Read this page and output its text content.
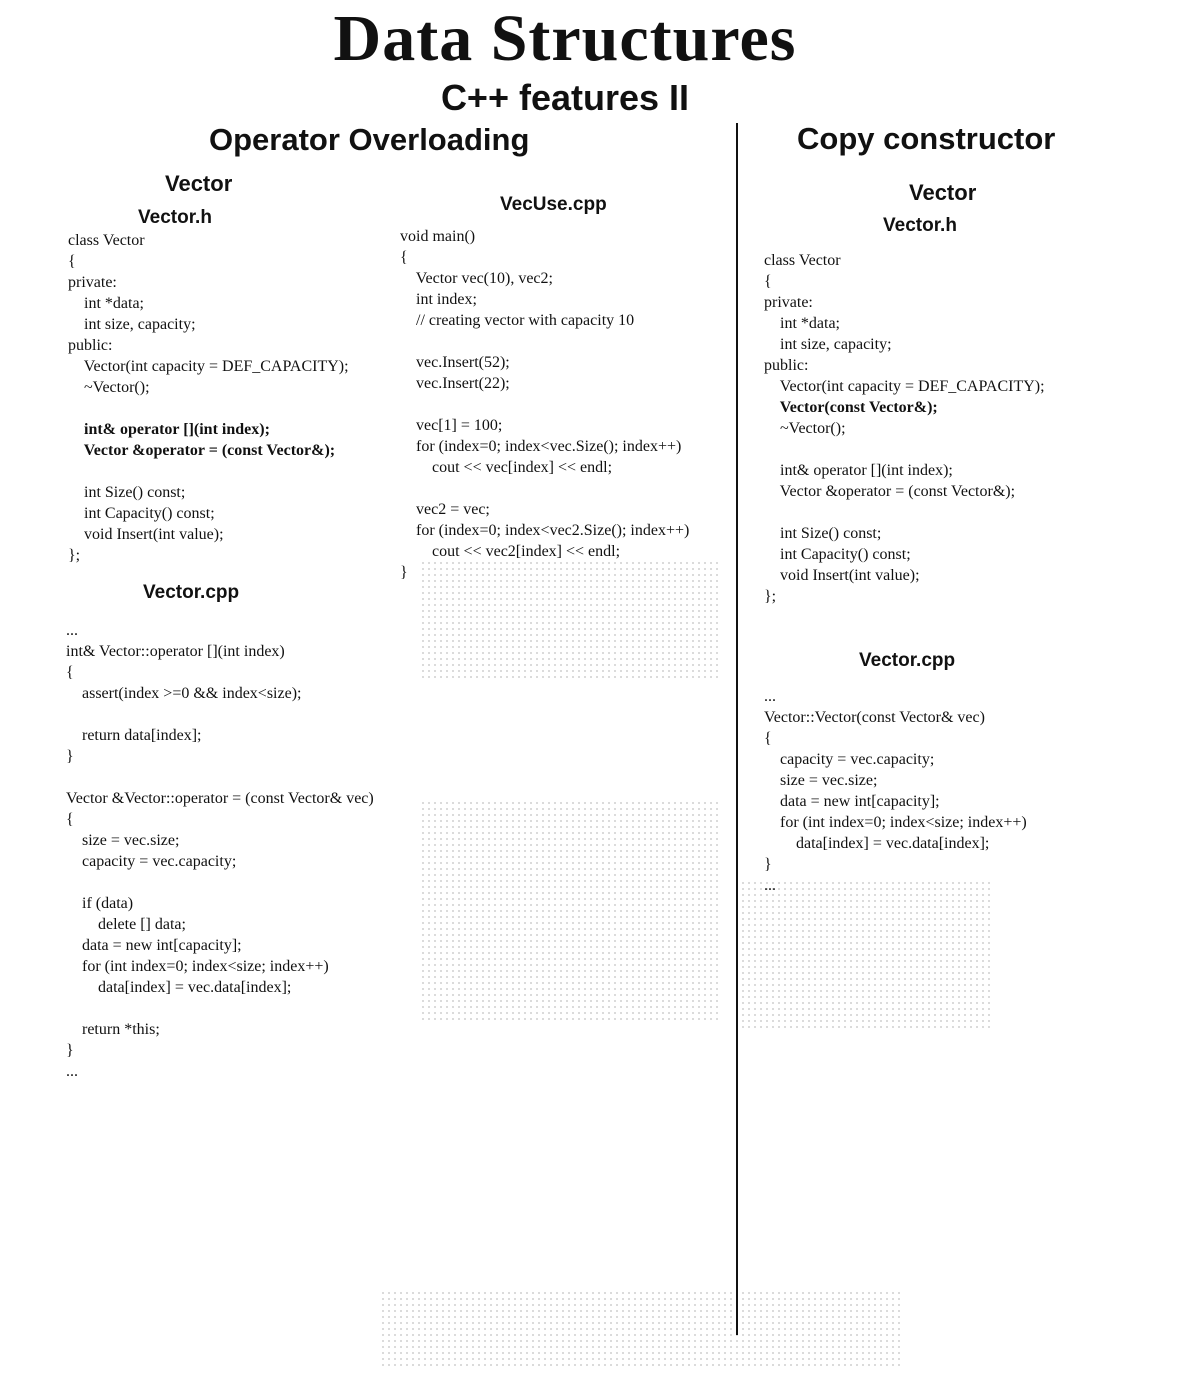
Data Structures
C++ features II
Operator Overloading
Vector
Vector.h
class Vector
{
private:
int *data;
int size, capacity;
public:
Vector(int capacity = DEF_CAPACITY);
~Vector();
int& operator [](int index);
Vector &operator = (const Vector&);
int Size() const;
int Capacity() const;
void Insert(int value);
};
Vector.cpp
...
int& Vector::operator [](int index)
{
assert(index >=0 && index<size);
return data[index];
}
Vector &Vector::operator = (const Vector& vec)
{
size = vec.size;
capacity = vec.capacity;
if (data)
delete [] data;
data = new int[capacity];
for (int index=0; index<size; index++)
data[index] = vec.data[index];
return *this;
}
...
VecUse.cpp
void main()
{
Vector vec(10), vec2;
int index;
// creating vector with capacity 10
vec.Insert(52);
vec.Insert(22);
vec[1] = 100;
for (index=0; index<vec.Size(); index++)
cout << vec[index] << endl;
vec2 = vec;
for (index=0; index<vec2.Size(); index++)
cout << vec2[index] << endl;
}
Copy constructor
Vector
Vector.h
class Vector
{
private:
int *data;
int size, capacity;
public:
Vector(int capacity = DEF_CAPACITY);
Vector(const Vector&);
~Vector();
int& operator [](int index);
Vector &operator = (const Vector&);
int Size() const;
int Capacity() const;
void Insert(int value);
};
Vector.cpp
...
Vector::Vector(const Vector& vec)
{
capacity = vec.capacity;
size = vec.size;
data = new int[capacity];
for (int index=0; index<size; index++)
data[index] = vec.data[index];
}
...
